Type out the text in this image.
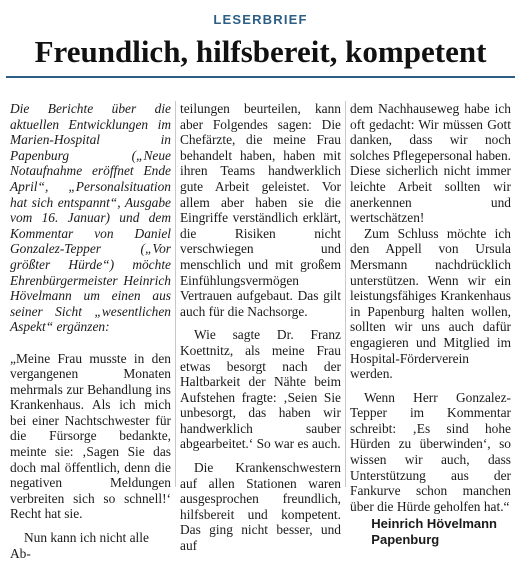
LESERBRIEF
Freundlich, hilfsbereit, kompetent

Die Berichte über die aktuellen Entwicklungen im Marien-Hospital in Papenburg („Neue Notaufnahme eröffnet Ende April“, „Personalsituation hat sich entspannt“, Ausgabe vom 16. Januar) und dem Kommentar von Daniel Gonzalez-Tepper („Vor größter Hürde“) möchte Ehrenbürgermeister Heinrich Hövelmann um einen aus seiner Sicht „wesentlichen Aspekt“ ergänzen:

„Meine Frau musste in den vergangenen Monaten mehrmals zur Behandlung ins Krankenhaus. Als ich mich bei einer Nachtschwester für die Fürsorge bedankte, meinte sie: ‚Sagen Sie das doch mal öffentlich, denn die negativen Meldungen verbreiten sich so schnell!‘ Recht hat sie.

Nun kann ich nicht alle Ab-

teilungen beurteilen, kann aber Folgendes sagen: Die Chefärzte, die meine Frau behandelt haben, haben mit ihren Teams handwerklich gute Arbeit geleistet. Vor allem aber haben sie die Eingriffe verständlich erklärt, die Risiken nicht verschwiegen und menschlich und mit großem Einfühlungsvermögen Vertrauen aufgebaut. Das gilt auch für die Nachsorge.

Wie sagte Dr. Franz Koettnitz, als meine Frau etwas besorgt nach der Haltbarkeit der Nähte beim Aufstehen fragte: ‚Seien Sie unbesorgt, das haben wir handwerklich sauber abgearbeitet.‘ So war es auch.

Die Krankenschwestern auf allen Stationen waren ausgesprochen freundlich, hilfsbereit und kompetent. Das ging nicht besser, und auf

dem Nachhauseweg habe ich oft gedacht: Wir müssen Gott danken, dass wir noch solches Pflegepersonal haben. Diese sicherlich nicht immer leichte Arbeit sollten wir anerkennen und wertschätzen!

Zum Schluss möchte ich den Appell von Ursula Mersmann nachdrücklich unterstützen. Wenn wir ein leistungsfähiges Krankenhaus in Papenburg halten wollen, sollten wir uns auch dafür engagieren und Mitglied im Hospital-Förderverein werden.

Wenn Herr Gonzalez-Tepper im Kommentar schreibt: ‚Es sind hohe Hürden zu überwinden‘, so wissen wir auch, dass Unterstützung aus der Fankurve schon manchen über die Hürde geholfen hat.“

Heinrich Hövelmann
Papenburg
